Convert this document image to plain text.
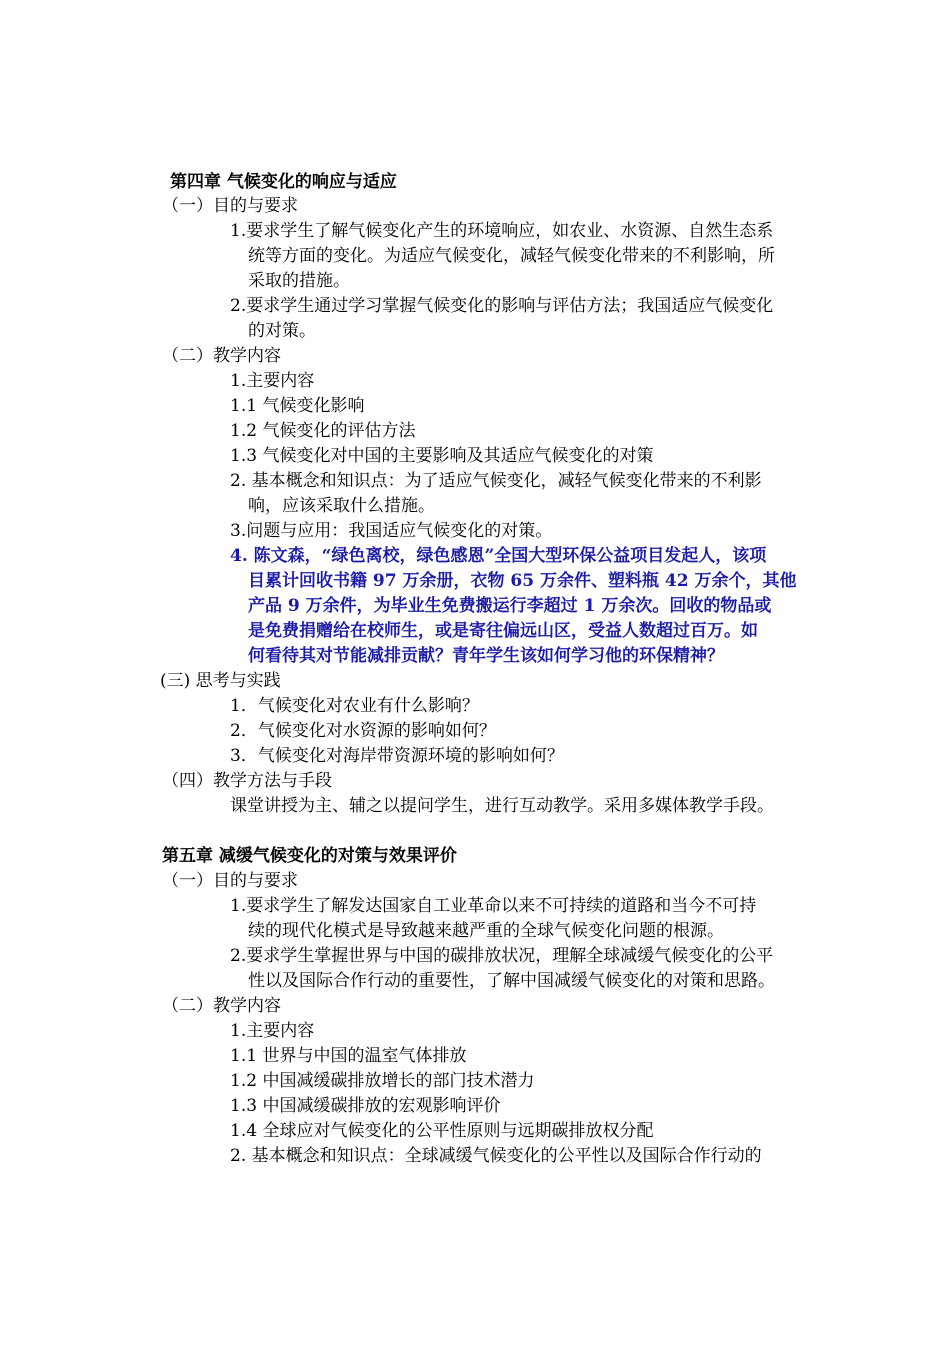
第四章 气候变化的响应与适应
（一）目的与要求
1.要求学生了解气候变化产生的环境响应，如农业、水资源、自然生态系
统等方面的变化。为适应气候变化，减轻气候变化带来的不利影响，所
采取的措施。
2.要求学生通过学习掌握气候变化的影响与评估方法；我国适应气候变化
的对策。
（二）教学内容
1.主要内容
1.1 气候变化影响
1.2 气候变化的评估方法
1.3 气候变化对中国的主要影响及其适应气候变化的对策
2. 基本概念和知识点：为了适应气候变化，减轻气候变化带来的不利影
响，应该采取什么措施。
3.问题与应用：我国适应气候变化的对策。
4. 陈文森，“绿色离校，绿色感恩”全国大型环保公益项目发起人，该项
目累计回收书籍 97 万余册，衣物 65 万余件、塑料瓶 42 万余个，其他
产品 9 万余件，为毕业生免费搬运行李超过 1 万余次。回收的物品或
是免费捐赠给在校师生，或是寄往偏远山区，受益人数超过百万。如
何看待其对节能减排贡献？青年学生该如何学习他的环保精神？
(三) 思考与实践
1．气候变化对农业有什么影响？
2．气候变化对水资源的影响如何？
3．气候变化对海岸带资源环境的影响如何？
（四）教学方法与手段
课堂讲授为主、辅之以提问学生，进行互动教学。采用多媒体教学手段。
第五章 减缓气候变化的对策与效果评价
（一）目的与要求
1.要求学生了解发达国家自工业革命以来不可持续的道路和当今不可持
续的现代化模式是导致越来越严重的全球气候变化问题的根源。
2.要求学生掌握世界与中国的碳排放状况，理解全球减缓气候变化的公平
性以及国际合作行动的重要性，了解中国减缓气候变化的对策和思路。
（二）教学内容
1.主要内容
1.1 世界与中国的温室气体排放
1.2 中国减缓碳排放增长的部门技术潜力
1.3 中国减缓碳排放的宏观影响评价
1.4 全球应对气候变化的公平性原则与远期碳排放权分配
2. 基本概念和知识点：全球减缓气候变化的公平性以及国际合作行动的
